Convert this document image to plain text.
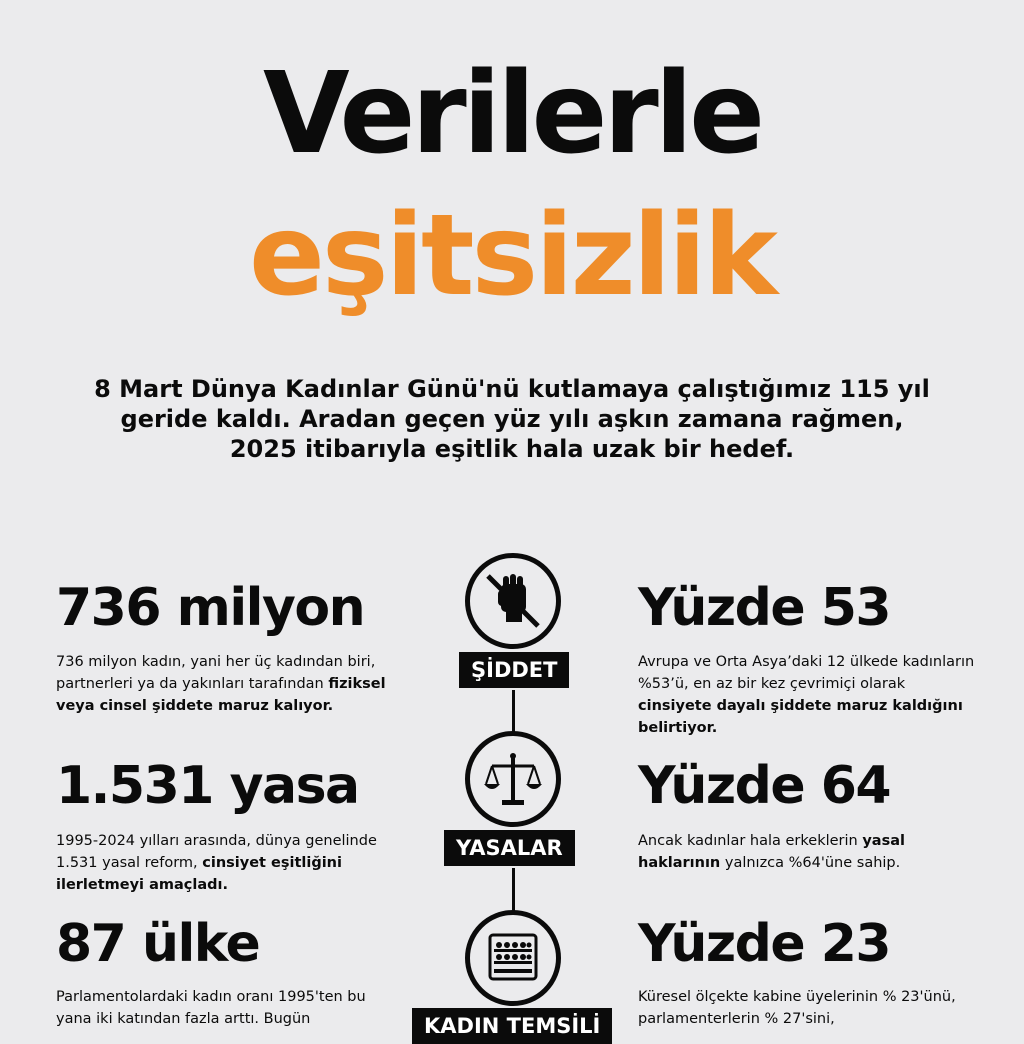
Verilerle
eşitsizlik
8 Mart Dünya Kadınlar Günü'nü kutlamaya çalıştığımız 115 yıl geride kaldı. Aradan geçen yüz yılı aşkın zamana rağmen, 2025 itibarıyla eşitlik hala uzak bir hedef.
ŞİDDET
YASALAR
KADIN TEMSİLİ
736 milyon
736 milyon kadın, yani her üç kadından biri, partnerleri ya da yakınları tarafından fiziksel veya cinsel şiddete maruz kalıyor.
1.531 yasa
1995-2024 yılları arasında, dünya genelinde 1.531 yasal reform, cinsiyet eşitliğini ilerletmeyi amaçladı.
87 ülke
Parlamentolardaki kadın oranı 1995'ten bu yana iki katından fazla arttı. Bugün
Yüzde 53
Avrupa ve Orta Asya’daki 12 ülkede kadınların %53’ü, en az bir kez çevrimiçi olarak cinsiyete dayalı şiddete maruz kaldığını belirtiyor.
Yüzde 64
Ancak kadınlar hala erkeklerin yasal haklarının yalnızca %64'üne sahip.
Yüzde 23
Küresel ölçekte kabine üyelerinin % 23'ünü, parlamenterlerin % 27'sini,
